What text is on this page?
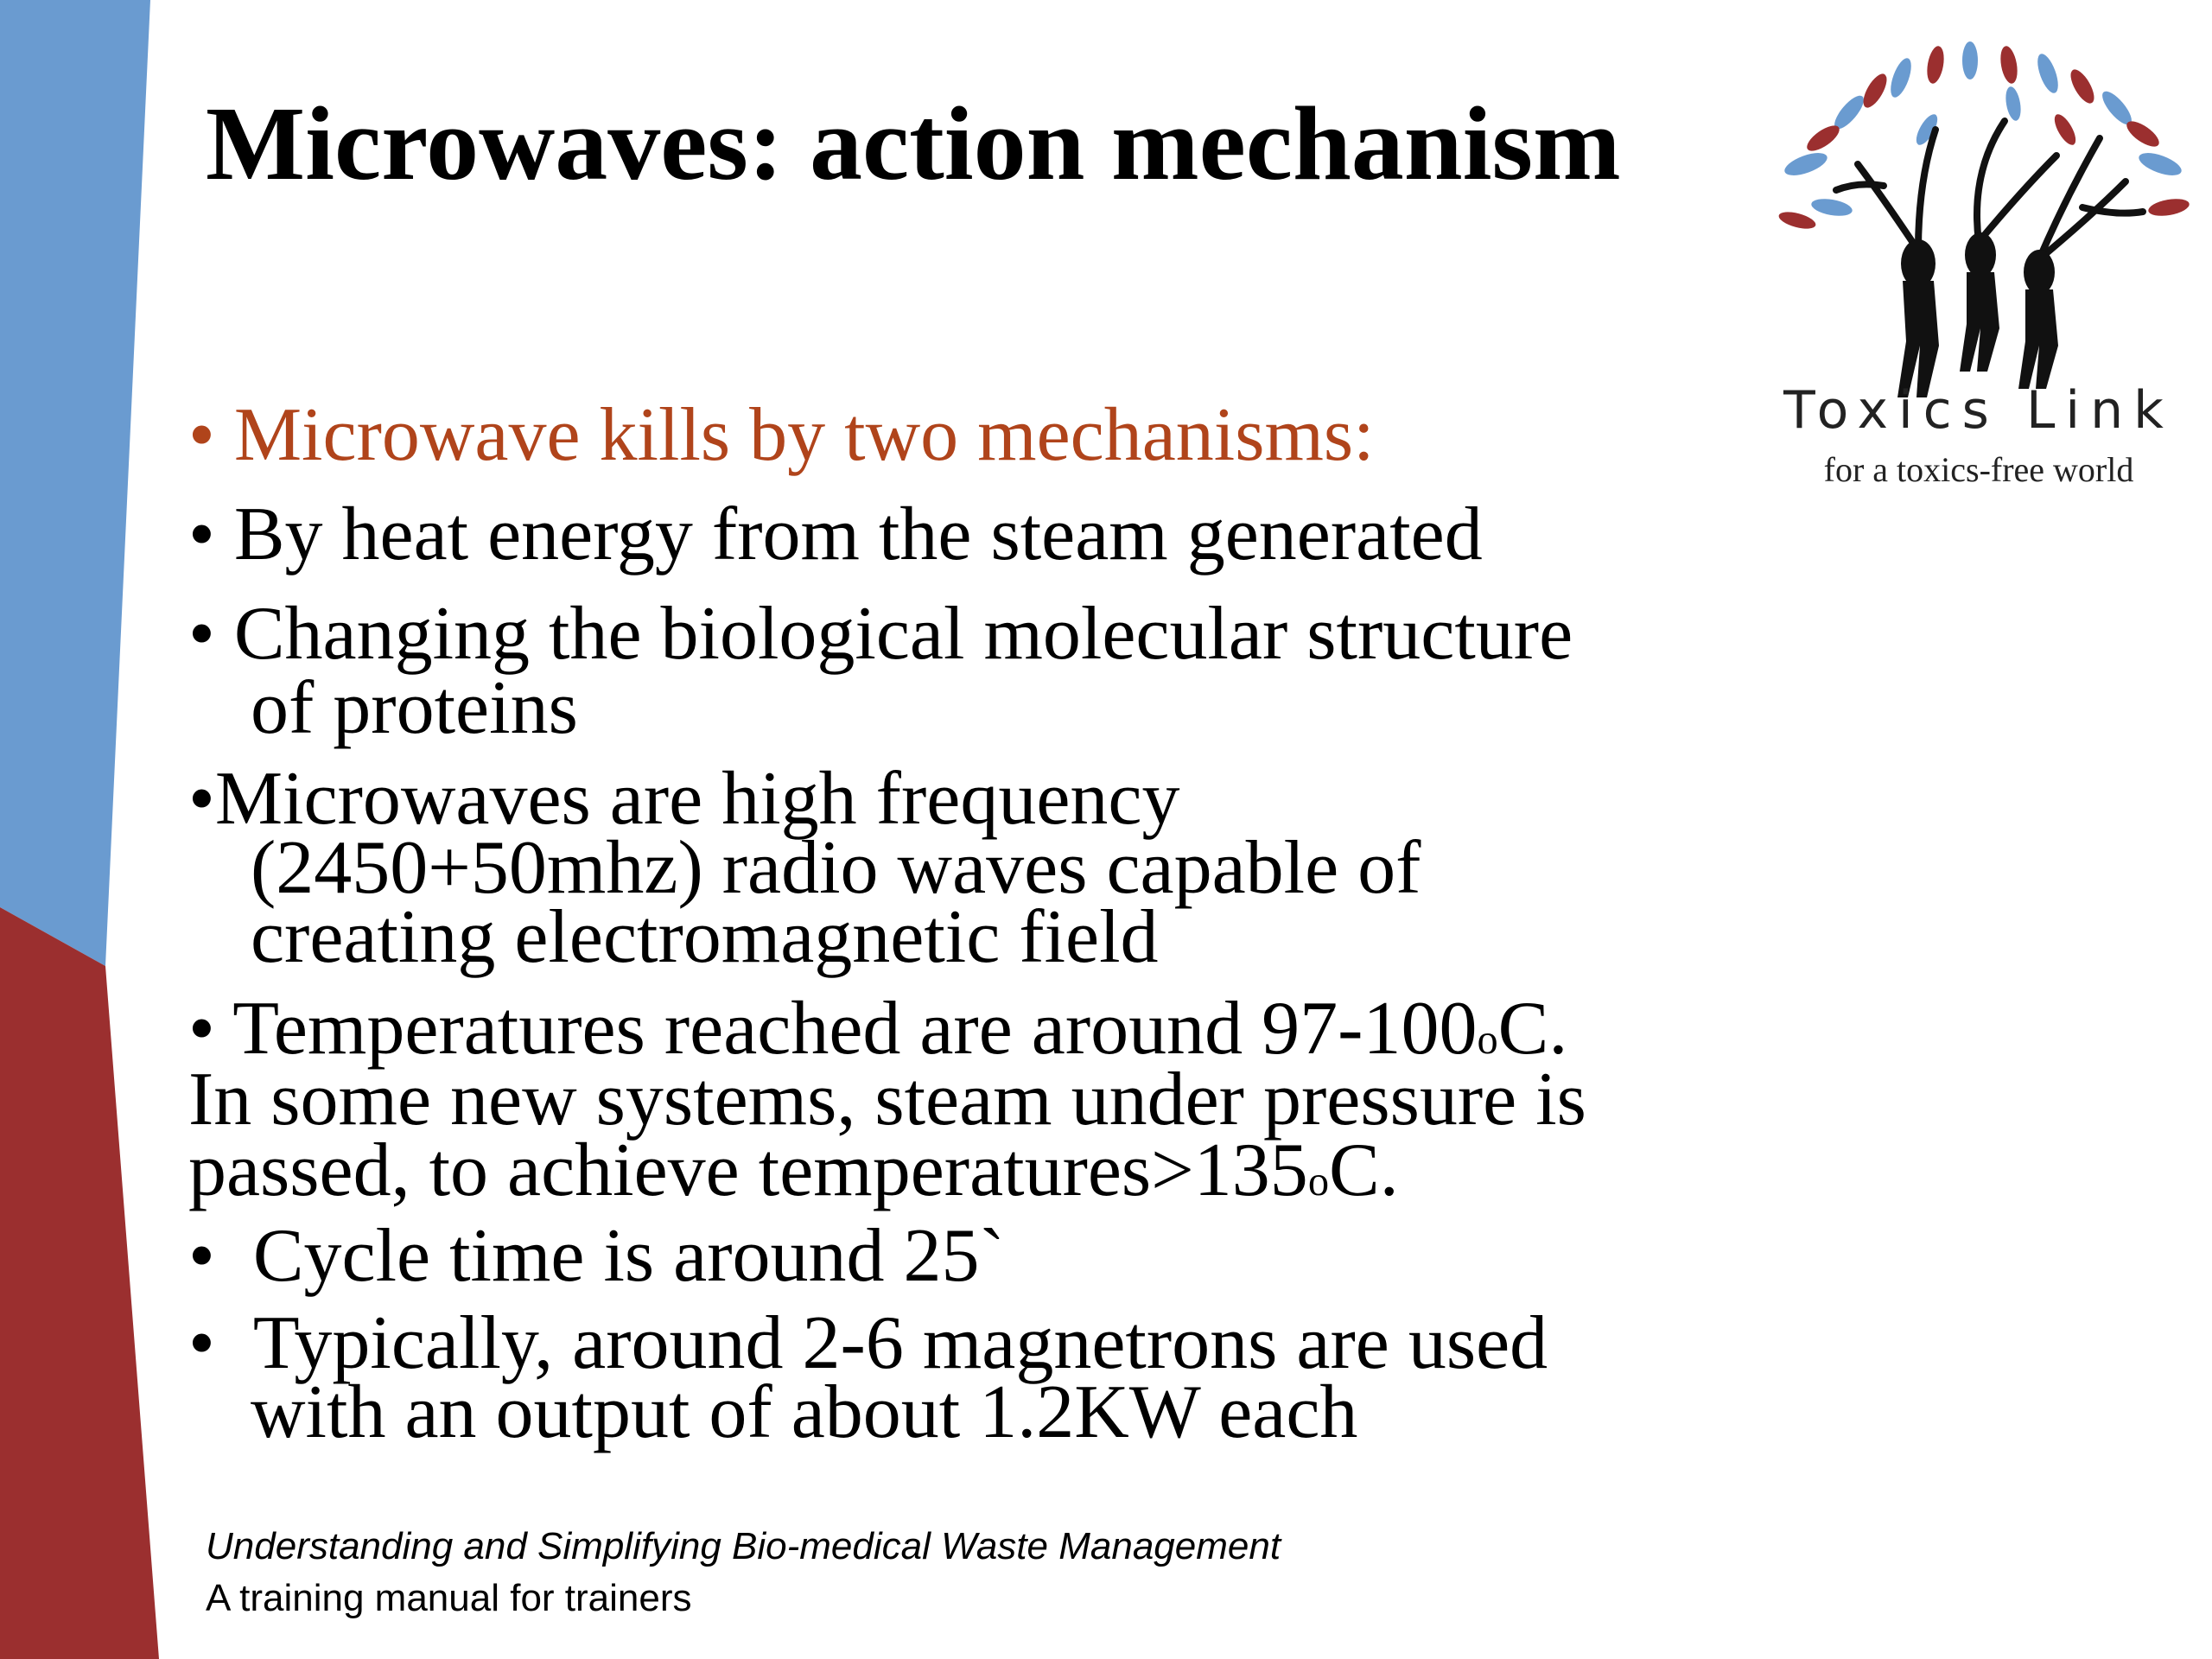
Microwaves: action mechanism
• Microwave kills by two mechanisms:
• By heat energy from the steam generated
• Changing the biological molecular structure
of proteins
•Microwaves are high frequency
(2450+50mhz) radio waves capable of
creating electromagnetic field
• Temperatures reached are around 97-100$^o$C.
In some new systems, steam under pressure is
passed, to achieve $temperatures>135^oC$.
• Cycle time is around 25`
• Typically, around 2-6 magnetrons are used
with an output of about 1.2KW each
Toxics Link
for a toxics-free world
Understanding and Simplifying Bio-medical Waste Management
A training manual for trainers
